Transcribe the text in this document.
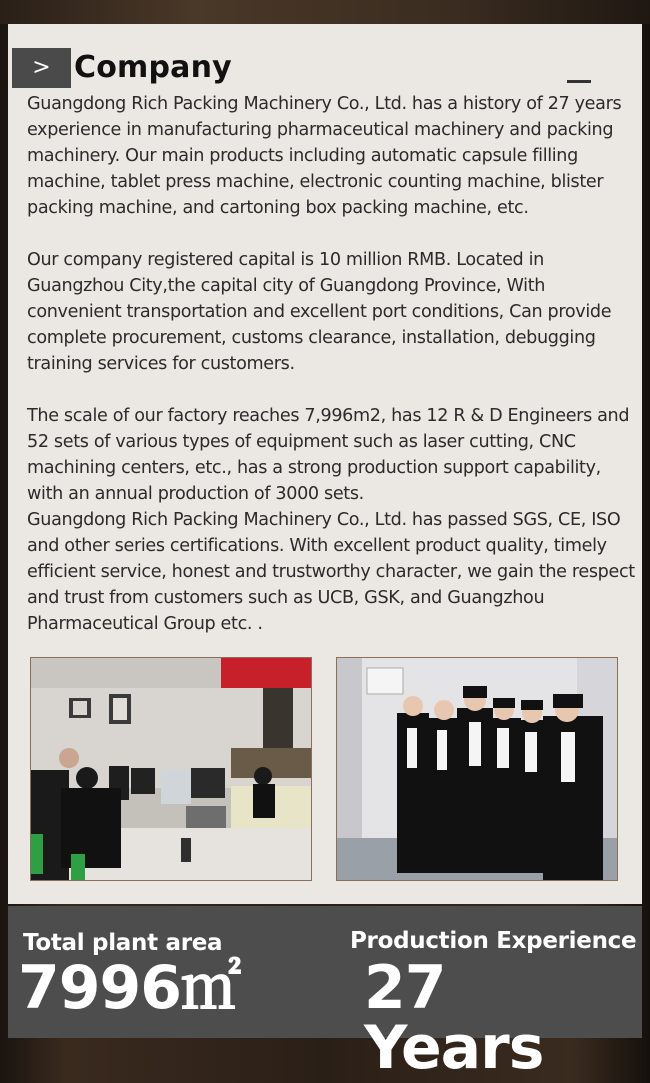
> Company
Guangdong Rich Packing Machinery Co., Ltd. has a history of 27 years experience in manufacturing pharmaceutical machinery and packing machinery. Our main products including automatic capsule filling machine, tablet press machine, electronic counting machine, blister packing machine, and cartoning box packing machine, etc.

Our company registered capital is 10 million RMB. Located in Guangzhou City,the capital city of Guangdong Province, With convenient transportation and excellent port conditions, Can provide complete procurement, customs clearance, installation, debugging training services for customers.

The scale of our factory reaches 7,996m2, has 12 R & D Engineers and 52 sets of various types of equipment such as laser cutting, CNC machining centers, etc., has a strong production support capability, with an annual production of 3000 sets.
Guangdong Rich Packing Machinery Co., Ltd. has passed SGS, CE, ISO and other series certifications. With excellent product quality, timely efficient service, honest and trustworthy character, we gain the respect and trust from customers such as UCB, GSK, and Guangzhou Pharmaceutical Group etc. .
Total plant area
7996㎡
Production Experience
27 Years
